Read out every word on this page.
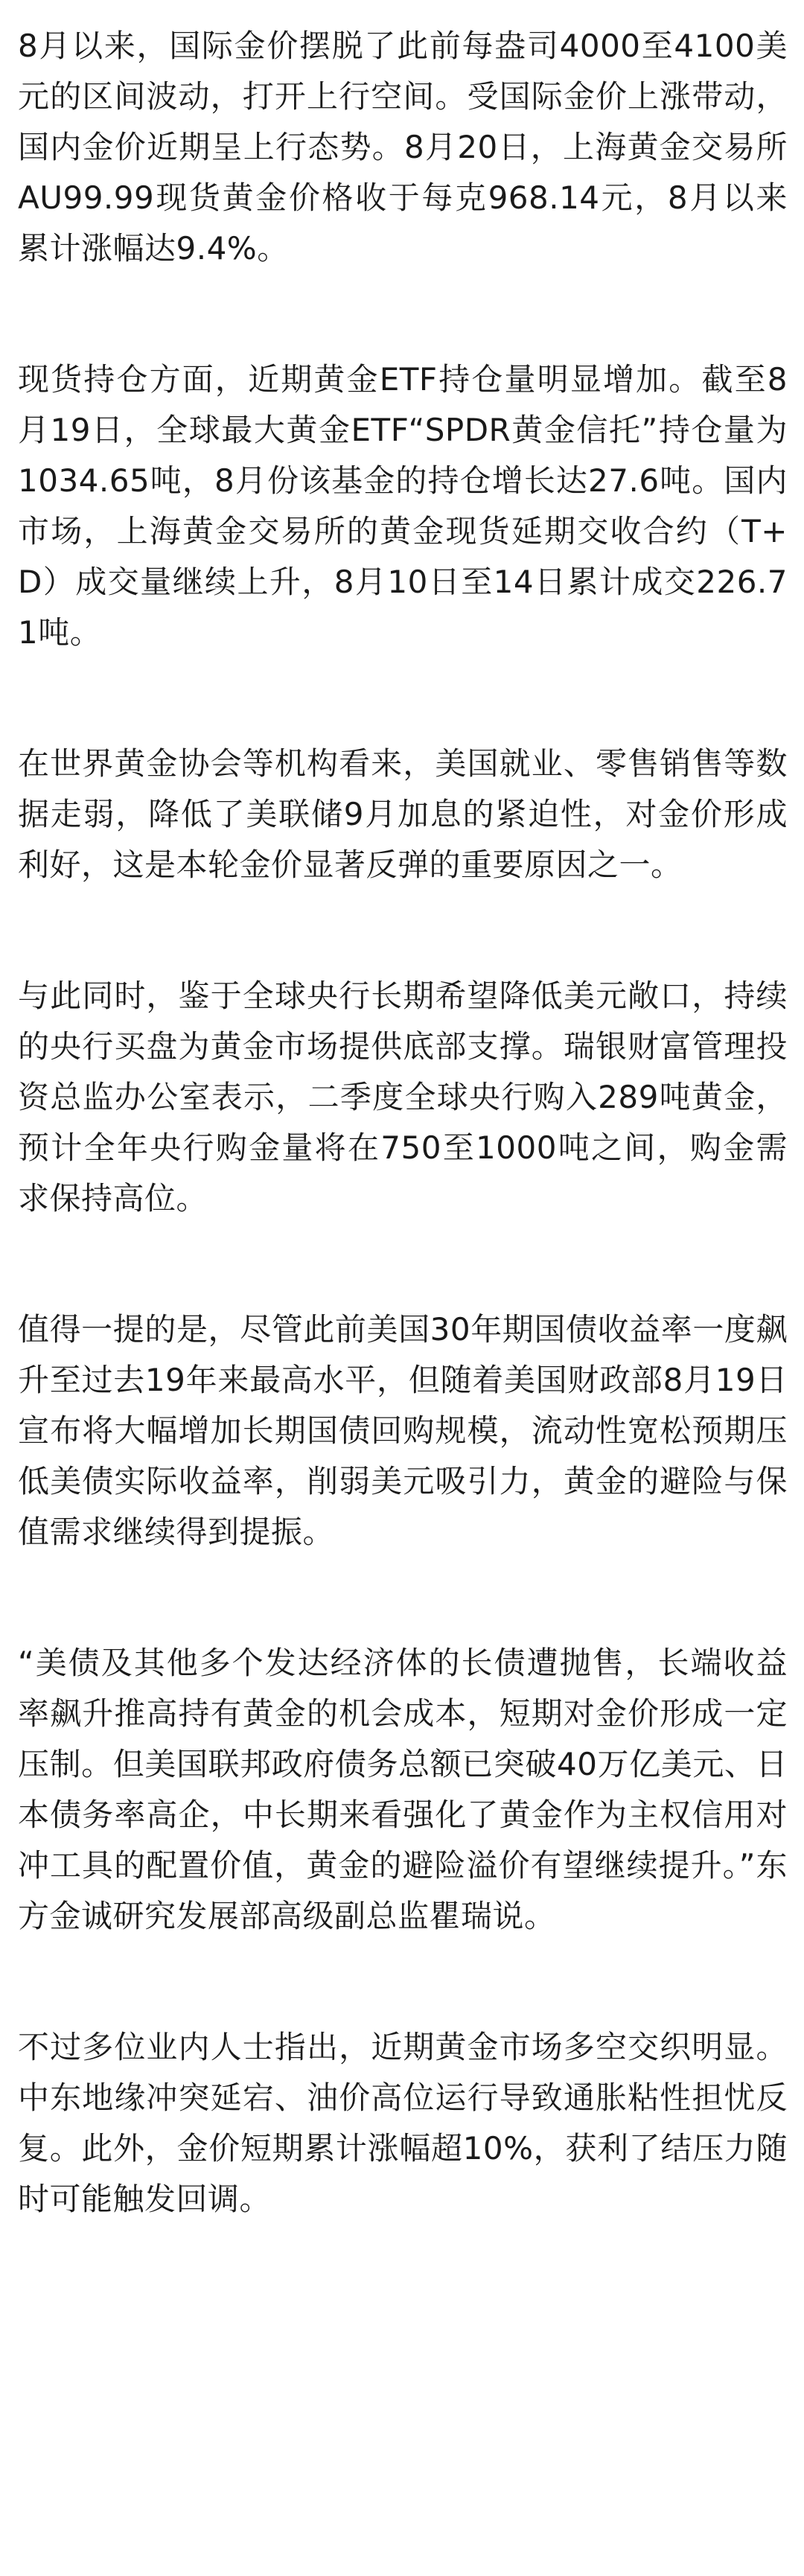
8月以来，国际金价摆脱了此前每盎司4000至4100美元的区间波动，打开上行空间。受国际金价上涨带动，国内金价近期呈上行态势。8月20日，上海黄金交易所AU99.99现货黄金价格收于每克968.14元，8月以来累计涨幅达9.4%。

现货持仓方面，近期黄金ETF持仓量明显增加。截至8月19日，全球最大黄金ETF“SPDR黄金信托”持仓量为1034.65吨，8月份该基金的持仓增长达27.6吨。国内市场，上海黄金交易所的黄金现货延期交收合约（T+D）成交量继续上升，8月10日至14日累计成交226.71吨。

在世界黄金协会等机构看来，美国就业、零售销售等数据走弱，降低了美联储9月加息的紧迫性，对金价形成利好，这是本轮金价显著反弹的重要原因之一。

与此同时，鉴于全球央行长期希望降低美元敞口，持续的央行买盘为黄金市场提供底部支撑。瑞银财富管理投资总监办公室表示，二季度全球央行购入289吨黄金，预计全年央行购金量将在750至1000吨之间，购金需求保持高位。

值得一提的是，尽管此前美国30年期国债收益率一度飙升至过去19年来最高水平，但随着美国财政部8月19日宣布将大幅增加长期国债回购规模，流动性宽松预期压低美债实际收益率，削弱美元吸引力，黄金的避险与保值需求继续得到提振。

“美债及其他多个发达经济体的长债遭抛售，长端收益率飙升推高持有黄金的机会成本，短期对金价形成一定压制。但美国联邦政府债务总额已突破40万亿美元、日本债务率高企，中长期来看强化了黄金作为主权信用对冲工具的配置价值，黄金的避险溢价有望继续提升。”东方金诚研究发展部高级副总监瞿瑞说。

不过多位业内人士指出，近期黄金市场多空交织明显。中东地缘冲突延宕、油价高位运行导致通胀粘性担忧反复。此外，金价短期累计涨幅超10%，获利了结压力随时可能触发回调。
